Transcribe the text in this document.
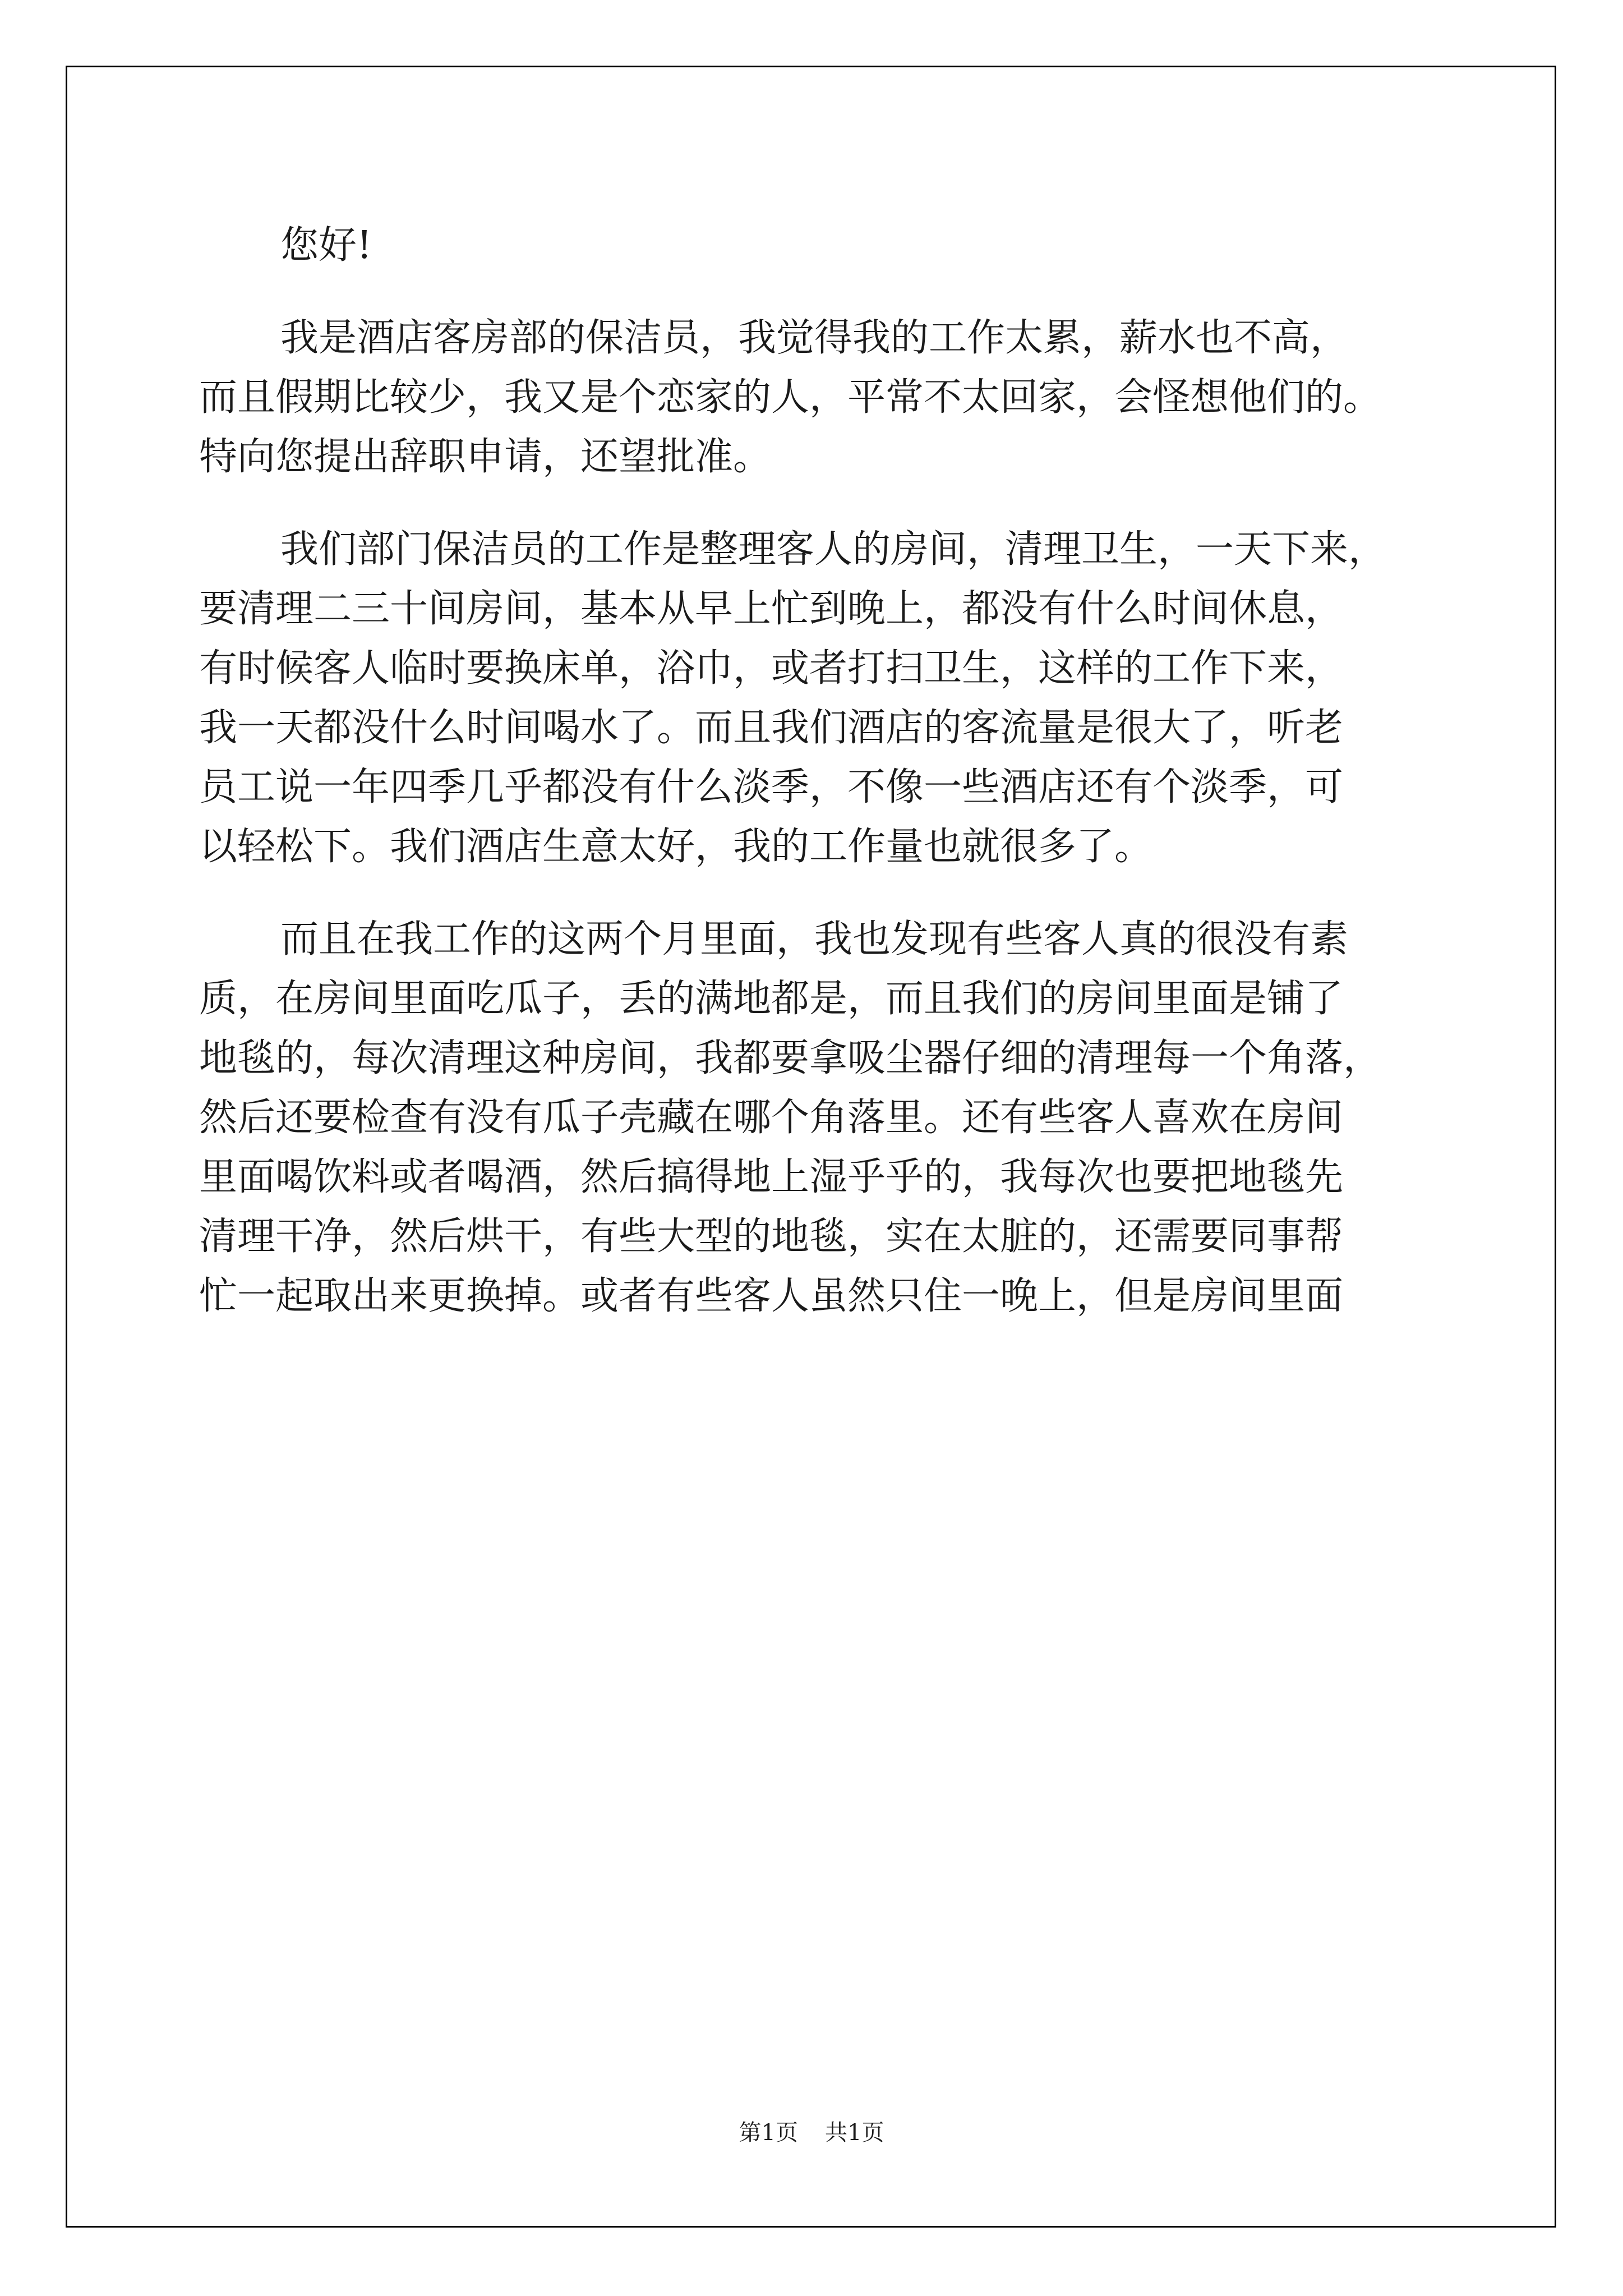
您好!
我是酒店客房部的保洁员，我觉得我的工作太累，薪水也不高，
而且假期比较少，我又是个恋家的人，平常不太回家，会怪想他们的。
特向您提出辞职申请，还望批准。
我们部门保洁员的工作是整理客人的房间，清理卫生，一天下来，
要清理二三十间房间，基本从早上忙到晚上，都没有什么时间休息，
有时候客人临时要换床单，浴巾，或者打扫卫生，这样的工作下来，
我一天都没什么时间喝水了。而且我们酒店的客流量是很大了，听老
员工说一年四季几乎都没有什么淡季，不像一些酒店还有个淡季，可
以轻松下。我们酒店生意太好，我的工作量也就很多了。
而且在我工作的这两个月里面，我也发现有些客人真的很没有素
质，在房间里面吃瓜子，丢的满地都是，而且我们的房间里面是铺了
地毯的，每次清理这种房间，我都要拿吸尘器仔细的清理每一个角落，
然后还要检查有没有瓜子壳藏在哪个角落里。还有些客人喜欢在房间
里面喝饮料或者喝酒，然后搞得地上湿乎乎的，我每次也要把地毯先
清理干净，然后烘干，有些大型的地毯，实在太脏的，还需要同事帮
忙一起取出来更换掉。或者有些客人虽然只住一晚上，但是房间里面
第1页 共1页
